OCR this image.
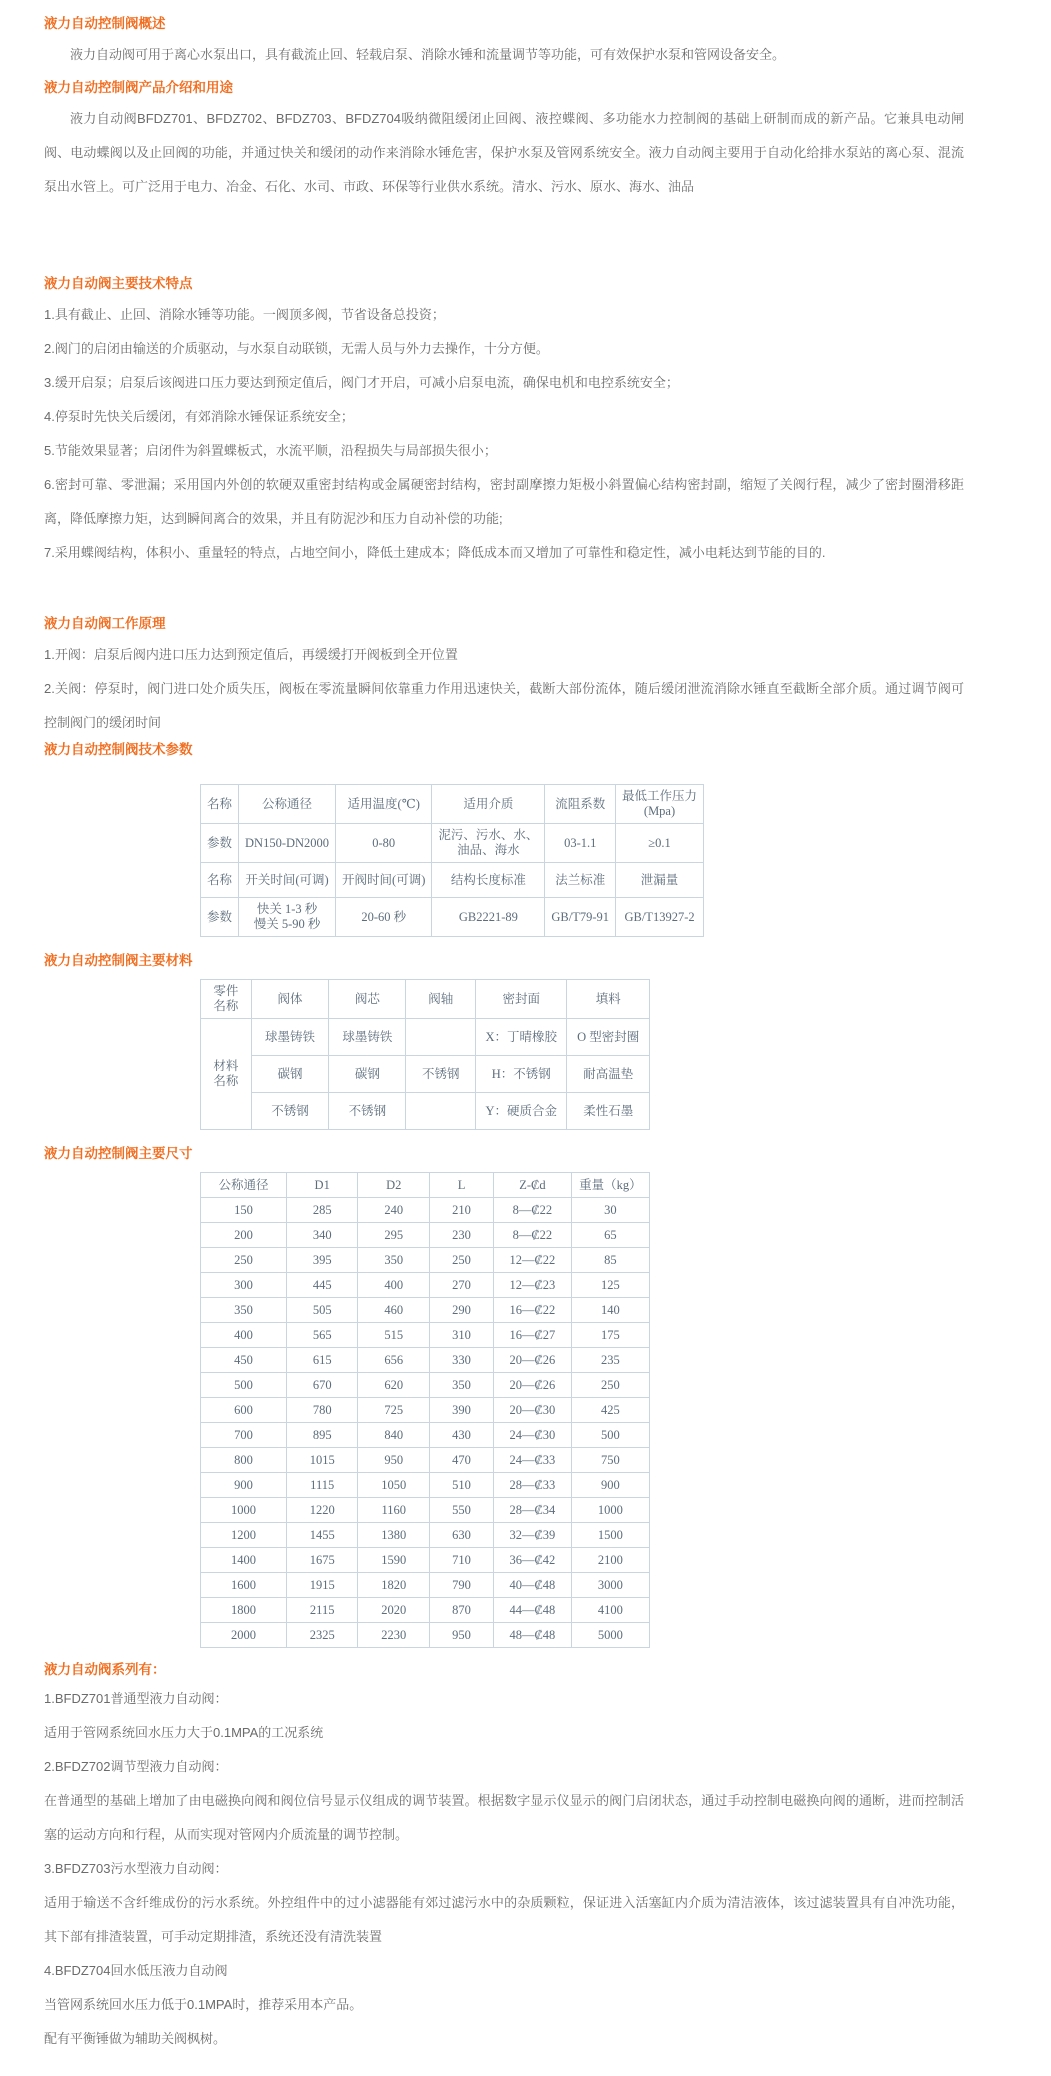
液力自动控制阀概述

液力自动阀可用于离心水泵出口，具有截流止回、轻载启泵、消除水锤和流量调节等功能，可有效保护水泵和管网设备安全。

液力自动控制阀产品介绍和用途

液力自动阀BFDZ701、BFDZ702、BFDZ703、BFDZ704吸纳微阻缓闭止回阀、液控蝶阀、多功能水力控制阀的基础上研制而成的新产品。它兼具电动闸阀、电动蝶阀以及止回阀的功能，并通过快关和缓闭的动作来消除水锤危害，保护水泵及管网系统安全。液力自动阀主要用于自动化给排水泵站的离心泵、混流泵出水管上。可广泛用于电力、冶金、石化、水司、市政、环保等行业供水系统。清水、污水、原水、海水、油品

液力自动阀主要技术特点

1.具有截止、止回、消除水锤等功能。一阀顶多阀，节省设备总投资；

2.阀门的启闭由输送的介质驱动，与水泵自动联锁，无需人员与外力去操作，十分方便。

3.缓开启泵；启泵后该阀进口压力要达到预定值后，阀门才开启，可减小启泵电流，确保电机和电控系统安全；

4.停泵时先快关后缓闭，有郊消除水锤保证系统安全；

5.节能效果显著；启闭件为斜置蝶板式，水流平顺，沿程损失与局部损失很小；

6.密封可靠、零泄漏；采用国内外创的软硬双重密封结构或金属硬密封结构，密封副摩擦力矩极小斜置偏心结构密封副，缩短了关阀行程，减少了密封圈滑移距离，降低摩擦力矩，达到瞬间离合的效果，并且有防泥沙和压力自动补偿的功能;

7.采用蝶阀结构，体积小、重量轻的特点，占地空间小，降低土建成本；降低成本而又增加了可靠性和稳定性，减小电耗达到节能的目的.

液力自动阀工作原理

1.开阀：启泵后阀内进口压力达到预定值后，再缓缓打开阀板到全开位置

2.关阀：停泵时，阀门进口处介质失压，阀板在零流量瞬间依靠重力作用迅速快关，截断大部份流体，随后缓闭泄流消除水锤直至截断全部介质。通过调节阀可控制阀门的缓闭时间

液力自动控制阀技术参数
名称	公称通径	适用温度(℃)	适用介质	流阻系数	最低工作压力
(Mpa)
参数	DN150-DN2000	0-80	泥污、污水、水、
油品、海水	03-1.1	≥0.1
名称	开关时间(可调)	开阀时间(可调)	结构长度标准	法兰标准	泄漏量
参数	快关 1-3 秒
慢关 5-90 秒	20-60 秒	GB2221-89	GB/T79-91	GB/T13927-2
液力自动控制阀主要材料
零件
名称	阀体	阀芯	阀轴	密封面	填料
材料
名称	球墨铸铁	球墨铸铁		X：丁晴橡胶	O 型密封圈
	碳钢	碳钢	不锈钢	H：不锈钢	耐高温垫
	不锈钢	不锈钢		Y：硬质合金	柔性石墨
液力自动控制阀主要尺寸
公称通径	D1	D2	L	Z-₡d	重量（kg）
150	285	240	210	8—₡22	30
200	340	295	230	8—₡22	65
250	395	350	250	12—₡22	85
300	445	400	270	12—₡23	125
350	505	460	290	16—₡22	140
400	565	515	310	16—₡27	175
450	615	656	330	20—₡26	235
500	670	620	350	20—₡26	250
600	780	725	390	20—₡30	425
700	895	840	430	24—₡30	500
800	1015	950	470	24—₡33	750
900	1115	1050	510	28—₡33	900
1000	1220	1160	550	28—₡34	1000
1200	1455	1380	630	32—₡39	1500
1400	1675	1590	710	36—₡42	2100
1600	1915	1820	790	40—₡48	3000
1800	2115	2020	870	44—₡48	4100
2000	2325	2230	950	48—₡48	5000
液力自动阀系列有：

1.BFDZ701普通型液力自动阀：

适用于管网系统回水压力大于0.1MPA的工况系统

2.BFDZ702调节型液力自动阀：

在普通型的基础上增加了由电磁换向阀和阀位信号显示仪组成的调节装置。根据数字显示仪显示的阀门启闭状态，通过手动控制电磁换向阀的通断，进而控制活塞的运动方向和行程，从而实现对管网内介质流量的调节控制。

3.BFDZ703污水型液力自动阀：

适用于输送不含纤维成份的污水系统。外控组件中的过小滤器能有郊过滤污水中的杂质颗粒，保证进入活塞缸内介质为清洁液体，该过滤装置具有自冲洗功能，其下部有排渣装置，可手动定期排渣，系统还没有清洗装置

4.BFDZ704回水低压液力自动阀

当管网系统回水压力低于0.1MPA时，推荐采用本产品。

配有平衡锤做为辅助关阀枫树。
